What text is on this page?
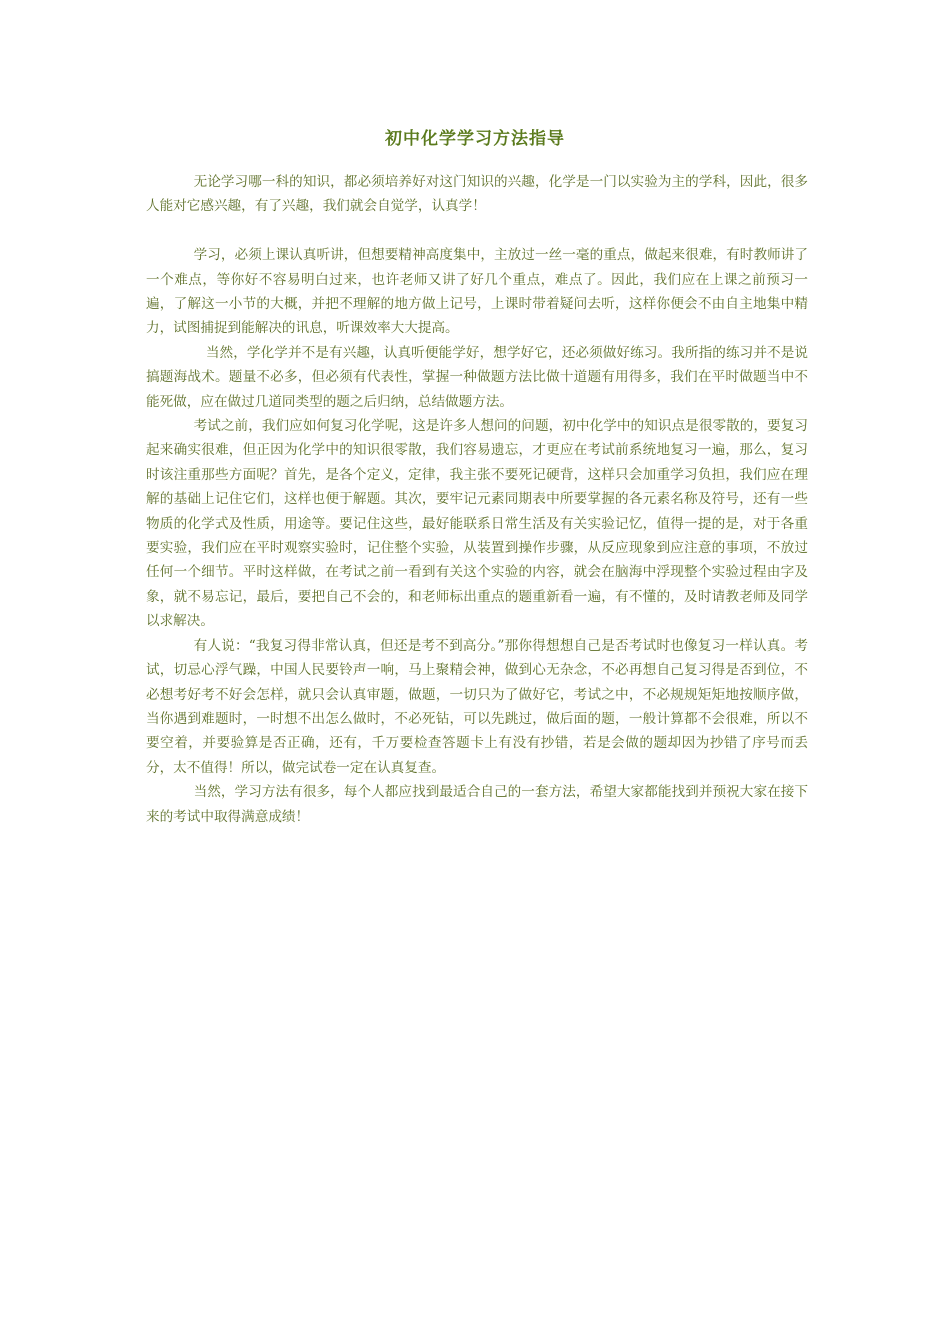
初中化学学习方法指导

无论学习哪一科的知识，都必须培养好对这门知识的兴趣，化学是一门以实验为主的学科，因此，很多人能对它感兴趣，有了兴趣，我们就会自觉学，认真学！

学习，必须上课认真听讲，但想要精神高度集中，主放过一丝一毫的重点，做起来很难，有时教师讲了一个难点，等你好不容易明白过来，也许老师又讲了好几个重点，难点了。因此，我们应在上课之前预习一遍，了解这一小节的大概，并把不理解的地方做上记号，上课时带着疑问去听，这样你便会不由自主地集中精力，试图捕捉到能解决的讯息，听课效率大大提高。

当然，学化学并不是有兴趣，认真听便能学好，想学好它，还必须做好练习。我所指的练习并不是说搞题海战术。题量不必多，但必须有代表性，掌握一种做题方法比做十道题有用得多，我们在平时做题当中不能死做，应在做过几道同类型的题之后归纳，总结做题方法。

考试之前，我们应如何复习化学呢，这是许多人想问的问题，初中化学中的知识点是很零散的，要复习起来确实很难，但正因为化学中的知识很零散，我们容易遗忘，才更应在考试前系统地复习一遍，那么，复习时该注重那些方面呢？首先，是各个定义，定律，我主张不要死记硬背，这样只会加重学习负担，我们应在理解的基础上记住它们，这样也便于解题。其次，要牢记元素同期表中所要掌握的各元素名称及符号，还有一些物质的化学式及性质，用途等。要记住这些，最好能联系日常生活及有关实验记忆，值得一提的是，对于各重要实验，我们应在平时观察实验时，记住整个实验，从装置到操作步骤，从反应现象到应注意的事项，不放过任何一个细节。平时这样做，在考试之前一看到有关这个实验的内容，就会在脑海中浮现整个实验过程由字及象，就不易忘记，最后，要把自己不会的，和老师标出重点的题重新看一遍，有不懂的，及时请教老师及同学以求解决。

有人说：“我复习得非常认真，但还是考不到高分。”那你得想想自己是否考试时也像复习一样认真。考试，切忌心浮气躁，中国人民要铃声一响，马上聚精会神，做到心无杂念，不必再想自己复习得是否到位，不必想考好考不好会怎样，就只会认真审题，做题，一切只为了做好它，考试之中，不必规规矩矩地按顺序做，当你遇到难题时，一时想不出怎么做时，不必死钻，可以先跳过，做后面的题，一般计算都不会很难，所以不要空着，并要验算是否正确，还有，千万要检查答题卡上有没有抄错，若是会做的题却因为抄错了序号而丢分，太不值得！所以，做完试卷一定在认真复查。

当然，学习方法有很多，每个人都应找到最适合自己的一套方法，希望大家都能找到并预祝大家在接下来的考试中取得满意成绩！
